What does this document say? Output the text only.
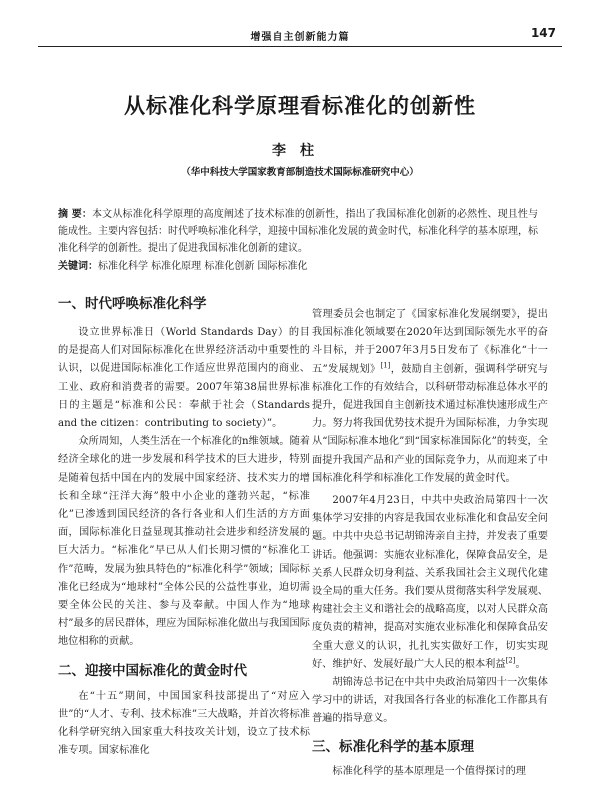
增强自主创新能力篇	147
从标准化科学原理看标准化的创新性
李柱
（华中科技大学国家教育部制造技术国际标准研究中心）
摘 要：本文从标准化科学原理的高度阐述了技术标准的创新性，指出了我国标准化创新的必然性、现且性与能成性。主要内容包括：时代呼唤标准化科学，迎接中国标准化发展的黄金时代，标准化科学的基本原理，标准化科学的创新性。提出了促进我国标准化创新的建议。
关键词：标准化科学 标准化原理 标准化创新 国际标准化
一、时代呼唤标准化科学

设立世界标准日（World Standards Day）的目的是提高人们对国际标准化在世界经济活动中重要性的认识，以促进国际标准化工作适应世界范围内的商业、工业、政府和消费者的需要。2007年第38届世界标准日的主题是“标准和公民：奉献于社会（Standards and the citizen：contributing to society）”。

众所周知，人类生活在一个标准化的n维领域。随着经济全球化的进一步发展和科学技术的巨大进步，特别是随着包括中国在内的发展中国家经济、技术实力的增长和全球“汪洋大海”般中小企业的蓬勃兴起，“标准化”已渗透到国民经济的各行各业和人们生活的方方面面，国际标准化日益显现其推动社会进步和经济发展的巨大活力。“标准化”早已从人们长期习惯的“标准化工作”范畴，发展为独具特色的“标准化科学”领域；国际标准化已经成为“地球村”全体公民的公益性事业，迫切需要全体公民的关注、参与及奉献。中国人作为“地球村”最多的居民群体，理应为国际标准化做出与我国国际地位相称的贡献。

二、迎接中国标准化的黄金时代

在“十五”期间，中国国家科技部提出了“对应入世”的“人才、专利、技术标准”三大战略，并首次将标准化科学研究纳入国家重大科技攻关计划，设立了技术标准专项。国家标准化

管理委员会也制定了《国家标准化发展纲要》，提出我国标准化领域要在2020年达到国际领先水平的奋斗目标，并于2007年3月5日发布了《标准化“十一五”发展规划》[1]，鼓励自主创新，强调科学研究与标准化工作的有效结合，以科研带动标准总体水平的提升，促进我国自主创新技术通过标准快速形成生产力。努力将我国优势技术提升为国际标准，力争实现从“国际标准本地化”到“国家标准国际化”的转变，全面提升我国产品和产业的国际竞争力，从而迎来了中国标准化科学和标准化工作发展的黄金时代。

2007年4月23日，中共中央政治局第四十一次集体学习安排的内容是我国农业标准化和食品安全问题。中共中央总书记胡锦涛亲自主持，并发表了重要讲话。他强调：实施农业标准化，保障食品安全，是关系人民群众切身利益、关系我国社会主义现代化建设全局的重大任务。我们要从贯彻落实科学发展观、构建社会主义和谐社会的战略高度，以对人民群众高度负责的精神，提高对实施农业标准化和保障食品安全重大意义的认识，扎扎实实做好工作，切实实现好、维护好、发展好最广大人民的根本利益[2]。

胡锦涛总书记在中共中央政治局第四十一次集体学习中的讲话，对我国各行各业的标准化工作都具有普遍的指导意义。

三、标准化科学的基本原理

标准化科学的基本原理是一个值得探讨的理
